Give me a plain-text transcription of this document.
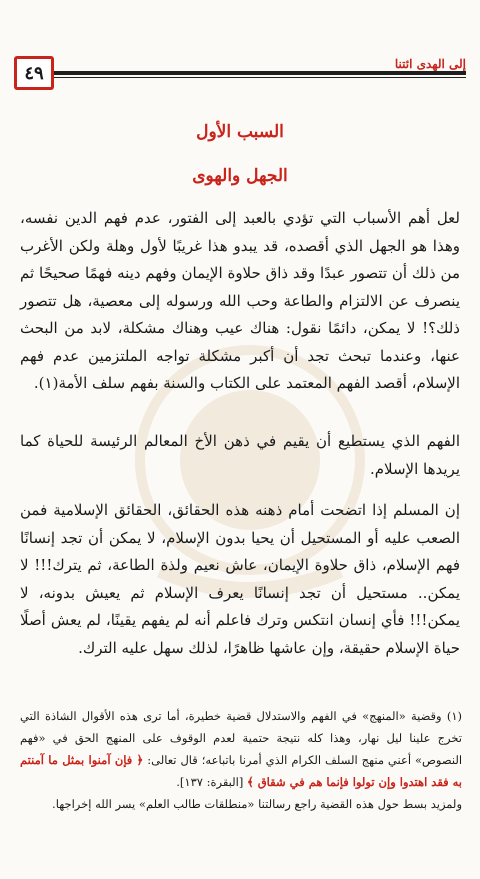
٤٩	إلى الهدى ائتنا
السبب الأول
الجهل والهوى
لعل أهم الأسباب التي تؤدي بالعبد إلى الفتور، عدم فهم الدين نفسه، وهذا هو الجهل الذي أقصده، قد يبدو هذا غريبًا لأول وهلة ولكن الأغرب من ذلك أن تتصور عبدًا وقد ذاق حلاوة الإيمان وفهم دينه فهمًا صحيحًا ثم ينصرف عن الالتزام والطاعة وحب الله ورسوله إلى معصية، هل تتصور ذلك؟! لا يمكن، دائمًا نقول: هناك عيب وهناك مشكلة، لابد من البحث عنها، وعندما تبحث تجد أن أكبر مشكلة تواجه الملتزمين عدم فهم الإسلام، أقصد الفهم المعتمد على الكتاب والسنة بفهم سلف الأمة(١).
الفهم الذي يستطيع أن يقيم في ذهن الأخ المعالم الرئيسة للحياة كما يريدها الإسلام.
إن المسلم إذا اتضحت أمام ذهنه هذه الحقائق، الحقائق الإسلامية فمن الصعب عليه أو المستحيل أن يحيا بدون الإسلام، لا يمكن أن تجد إنسانًا فهم الإسلام، ذاق حلاوة الإيمان، عاش نعيم ولذة الطاعة، ثم يترك!!! لا يمكن.. مستحيل أن تجد إنسانًا يعرف الإسلام ثم يعيش بدونه، لا يمكن!!! فأي إنسان انتكس وترك فاعلم أنه لم يفهم يقينًا، لم يعش أصلًا حياة الإسلام حقيقة، وإن عاشها ظاهرًا، لذلك سهل عليه الترك.
(١) وقضية «المنهج» في الفهم والاستدلال قضية خطيرة، أما ترى هذه الأقوال الشاذة التي تخرج علينا ليل نهار، وهذا كله نتيجة حتمية لعدم الوقوف على المنهج الحق في «فهم النصوص» أعني منهج السلف الكرام الذي أمرنا باتباعه؛ قال تعالى: ﴿ فإن آمنوا بمثل ما آمنتم به فقد اهتدوا وإن تولوا فإنما هم في شقاق ﴾ [البقرة: ١٣٧].
ولمزيد بسط حول هذه القضية راجع رسالتنا «منطلقات طالب العلم» يسر الله إخراجها.
